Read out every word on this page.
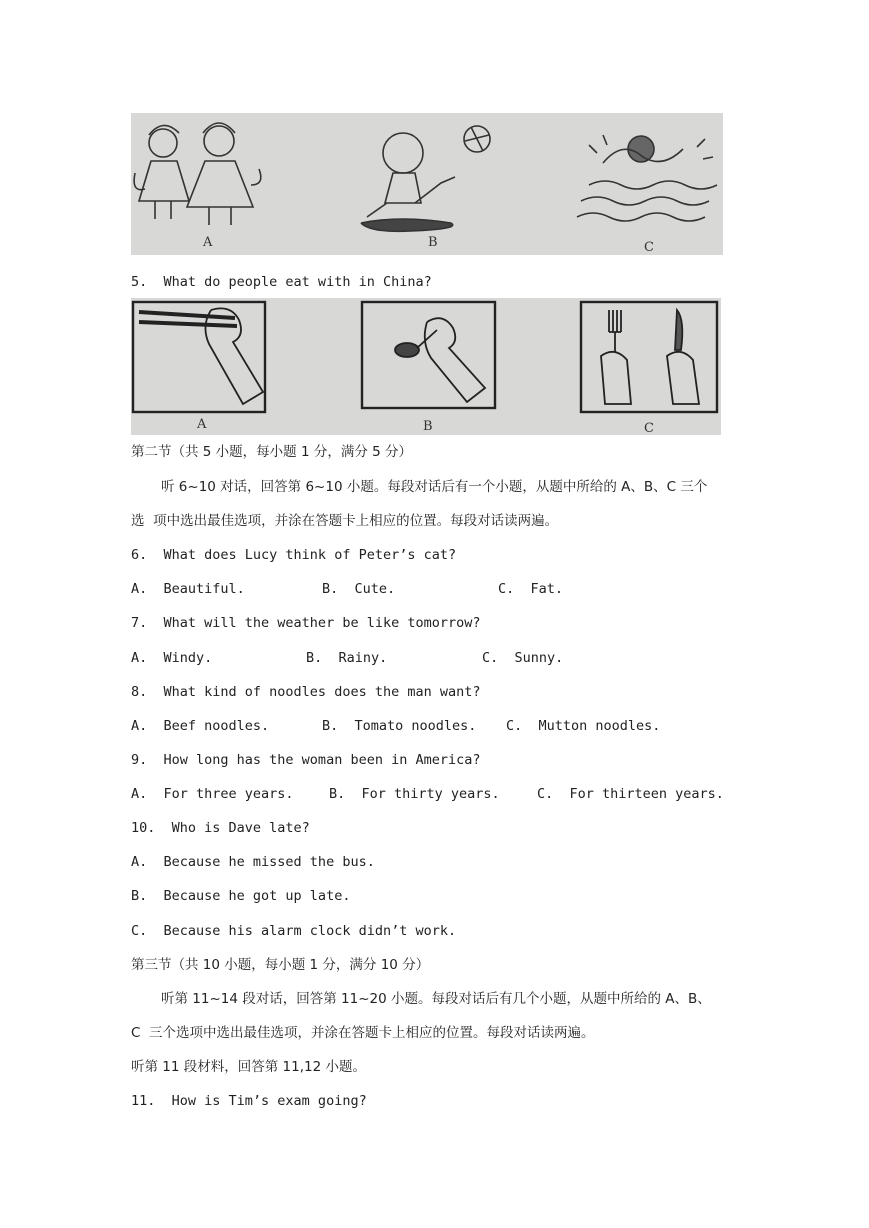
A	B	C
5.  What do people eat with in China?
A	B	C
第二节（共 5 小题，每小题 1 分，满分 5 分）
听 6~10 对话，回答第 6~10 小题。每段对话后有一个小题，从题中所给的 A、B、C 三个
选  项中选出最佳选项，并涂在答题卡上相应的位置。每段对话读两遍。
6.  What does Lucy think of Peter’s cat?
A.  Beautiful.	B.  Cute.	C.  Fat.
7.  What will the weather be like tomorrow?
A.  Windy.	B.  Rainy.	C.  Sunny.
8.  What kind of noodles does the man want?
A.  Beef noodles.	B.  Tomato noodles. C.  Mutton noodles.
9.  How long has the woman been in America?
A.  For three years.	B.  For thirty years.	C.  For thirteen years.
10.  Who is Dave late?
A.  Because he missed the bus.
B.  Because he got up late.
C.  Because his alarm clock didn’t work.
第三节（共 10 小题，每小题 1 分，满分 10 分）
听第 11~14 段对话，回答第 11~20 小题。每段对话后有几个小题，从题中所给的 A、B、
C  三个选项中选出最佳选项，并涂在答题卡上相应的位置。每段对话读两遍。
听第 11 段材料，回答第 11,12 小题。
11.  How is Tim’s exam going?
